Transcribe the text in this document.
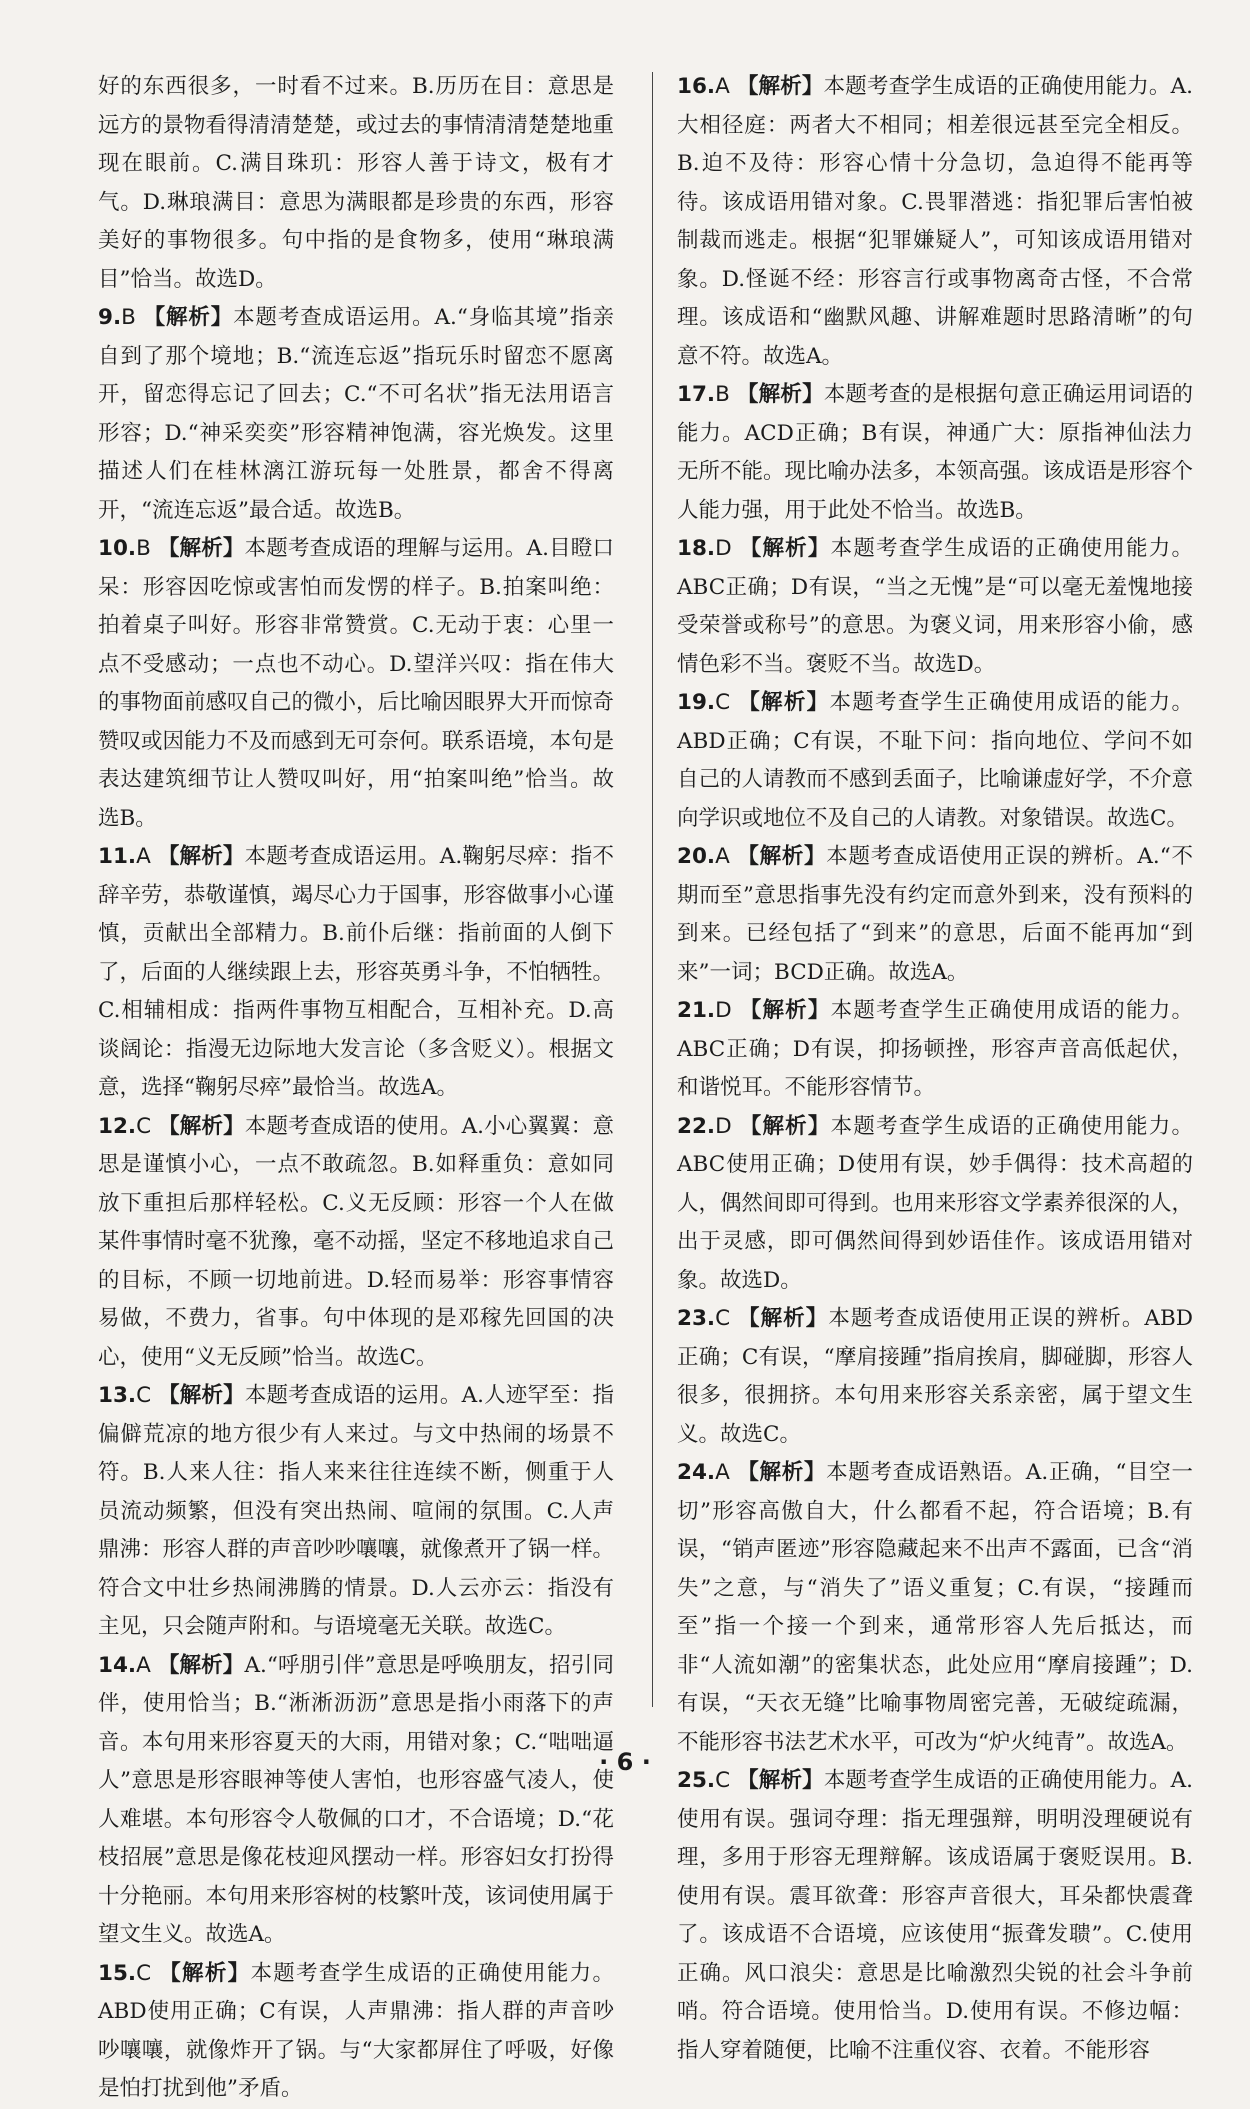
好的东西很多，一时看不过来。B.历历在目：意思是远方的景物看得清清楚楚，或过去的事情清清楚楚地重现在眼前。C.满目珠玑：形容人善于诗文，极有才气。D.琳琅满目：意思为满眼都是珍贵的东西，形容美好的事物很多。句中指的是食物多，使用“琳琅满目”恰当。故选D。

9.B 【解析】本题考查成语运用。A.“身临其境”指亲自到了那个境地；B.“流连忘返”指玩乐时留恋不愿离开，留恋得忘记了回去；C.“不可名状”指无法用语言形容；D.“神采奕奕”形容精神饱满，容光焕发。这里描述人们在桂林漓江游玩每一处胜景，都舍不得离开，“流连忘返”最合适。故选B。

10.B 【解析】本题考查成语的理解与运用。A.目瞪口呆：形容因吃惊或害怕而发愣的样子。B.拍案叫绝：拍着桌子叫好。形容非常赞赏。C.无动于衷：心里一点不受感动；一点也不动心。D.望洋兴叹：指在伟大的事物面前感叹自己的微小，后比喻因眼界大开而惊奇赞叹或因能力不及而感到无可奈何。联系语境，本句是表达建筑细节让人赞叹叫好，用“拍案叫绝”恰当。故选B。

11.A 【解析】本题考查成语运用。A.鞠躬尽瘁：指不辞辛劳，恭敬谨慎，竭尽心力于国事，形容做事小心谨慎，贡献出全部精力。B.前仆后继：指前面的人倒下了，后面的人继续跟上去，形容英勇斗争，不怕牺牲。C.相辅相成：指两件事物互相配合，互相补充。D.高谈阔论：指漫无边际地大发言论（多含贬义）。根据文意，选择“鞠躬尽瘁”最恰当。故选A。

12.C 【解析】本题考查成语的使用。A.小心翼翼：意思是谨慎小心，一点不敢疏忽。B.如释重负：意如同放下重担后那样轻松。C.义无反顾：形容一个人在做某件事情时毫不犹豫，毫不动摇，坚定不移地追求自己的目标，不顾一切地前进。D.轻而易举：形容事情容易做，不费力，省事。句中体现的是邓稼先回国的决心，使用“义无反顾”恰当。故选C。

13.C 【解析】本题考查成语的运用。A.人迹罕至：指偏僻荒凉的地方很少有人来过。与文中热闹的场景不符。B.人来人往：指人来来往往连续不断，侧重于人员流动频繁，但没有突出热闹、喧闹的氛围。C.人声鼎沸：形容人群的声音吵吵嚷嚷，就像煮开了锅一样。符合文中壮乡热闹沸腾的情景。D.人云亦云：指没有主见，只会随声附和。与语境毫无关联。故选C。

14.A 【解析】A.“呼朋引伴”意思是呼唤朋友，招引同伴，使用恰当；B.“淅淅沥沥”意思是指小雨落下的声音。本句用来形容夏天的大雨，用错对象；C.“咄咄逼人”意思是形容眼神等使人害怕，也形容盛气凌人，使人难堪。本句形容令人敬佩的口才，不合语境；D.“花枝招展”意思是像花枝迎风摆动一样。形容妇女打扮得十分艳丽。本句用来形容树的枝繁叶茂，该词使用属于望文生义。故选A。

15.C 【解析】本题考查学生成语的正确使用能力。ABD使用正确；C有误，人声鼎沸：指人群的声音吵吵嚷嚷，就像炸开了锅。与“大家都屏住了呼吸，好像是怕打扰到他”矛盾。

16.A 【解析】本题考查学生成语的正确使用能力。A.大相径庭：两者大不相同；相差很远甚至完全相反。B.迫不及待：形容心情十分急切，急迫得不能再等待。该成语用错对象。C.畏罪潜逃：指犯罪后害怕被制裁而逃走。根据“犯罪嫌疑人”，可知该成语用错对象。D.怪诞不经：形容言行或事物离奇古怪，不合常理。该成语和“幽默风趣、讲解难题时思路清晰”的句意不符。故选A。

17.B 【解析】本题考查的是根据句意正确运用词语的能力。ACD正确；B有误，神通广大：原指神仙法力无所不能。现比喻办法多，本领高强。该成语是形容个人能力强，用于此处不恰当。故选B。

18.D 【解析】本题考查学生成语的正确使用能力。ABC正确；D有误，“当之无愧”是“可以毫无羞愧地接受荣誉或称号”的意思。为褒义词，用来形容小偷，感情色彩不当。褒贬不当。故选D。

19.C 【解析】本题考查学生正确使用成语的能力。ABD正确；C有误，不耻下问：指向地位、学问不如自己的人请教而不感到丢面子，比喻谦虚好学，不介意向学识或地位不及自己的人请教。对象错误。故选C。

20.A 【解析】本题考查成语使用正误的辨析。A.“不期而至”意思指事先没有约定而意外到来，没有预料的到来。已经包括了“到来”的意思，后面不能再加“到来”一词；BCD正确。故选A。

21.D 【解析】本题考查学生正确使用成语的能力。ABC正确；D有误，抑扬顿挫，形容声音高低起伏，和谐悦耳。不能形容情节。

22.D 【解析】本题考查学生成语的正确使用能力。ABC使用正确；D使用有误，妙手偶得：技术高超的人，偶然间即可得到。也用来形容文学素养很深的人，出于灵感，即可偶然间得到妙语佳作。该成语用错对象。故选D。

23.C 【解析】本题考查成语使用正误的辨析。ABD正确；C有误，“摩肩接踵”指肩挨肩，脚碰脚，形容人很多，很拥挤。本句用来形容关系亲密，属于望文生义。故选C。

24.A 【解析】本题考查成语熟语。A.正确，“目空一切”形容高傲自大，什么都看不起，符合语境；B.有误，“销声匿迹”形容隐藏起来不出声不露面，已含“消失”之意，与“消失了”语义重复；C.有误，“接踵而至”指一个接一个到来，通常形容人先后抵达，而非“人流如潮”的密集状态，此处应用“摩肩接踵”；D.有误，“天衣无缝”比喻事物周密完善，无破绽疏漏，不能形容书法艺术水平，可改为“炉火纯青”。故选A。

25.C 【解析】本题考查学生成语的正确使用能力。A.使用有误。强词夺理：指无理强辩，明明没理硬说有理，多用于形容无理辩解。该成语属于褒贬误用。B.使用有误。震耳欲聋：形容声音很大，耳朵都快震聋了。该成语不合语境，应该使用“振聋发聩”。C.使用正确。风口浪尖：意思是比喻激烈尖锐的社会斗争前哨。符合语境。使用恰当。D.使用有误。不修边幅：指人穿着随便，比喻不注重仪容、衣着。不能形容

· 6 ·
